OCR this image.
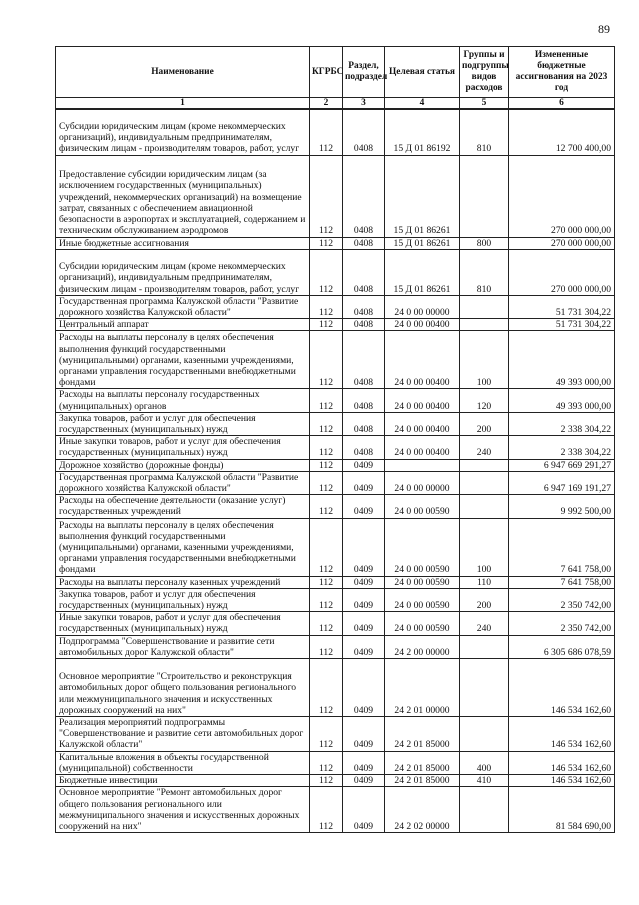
89
Наименование	КГРБС	Раздел, подраздел	Целевая статья	Группы и подгруппы видов расходов	Измененные бюджетные ассигнования на 2023 год
1	2	3	4	5	6
Субсидии юридическим лицам (кроме некоммерческих организаций), индивидуальным предпринимателям, физическим лицам - производителям товаров, работ, услуг	112	0408	15 Д 01 86192	810	12 700 400,00
Предоставление субсидии юридическим лицам (за исключением государственных (муниципальных) учреждений, некоммерческих организаций) на возмещение затрат, связанных с обеспечением авиационной безопасности в аэропортах и эксплуатацией, содержанием и техническим обслуживанием аэродромов	112	0408	15 Д 01 86261		270 000 000,00
Иные бюджетные ассигнования	112	0408	15 Д 01 86261	800	270 000 000,00
Субсидии юридическим лицам (кроме некоммерческих организаций), индивидуальным предпринимателям, физическим лицам - производителям товаров, работ, услуг	112	0408	15 Д 01 86261	810	270 000 000,00
Государственная программа Калужской области "Развитие дорожного хозяйства Калужской области"	112	0408	24 0 00 00000		51 731 304,22
Центральный аппарат	112	0408	24 0 00 00400		51 731 304,22
Расходы на выплаты персоналу в целях обеспечения выполнения функций государственными (муниципальными) органами, казенными учреждениями, органами управления государственными внебюджетными фондами	112	0408	24 0 00 00400	100	49 393 000,00
Расходы на выплаты персоналу государственных (муниципальных) органов	112	0408	24 0 00 00400	120	49 393 000,00
Закупка товаров, работ и услуг для обеспечения государственных (муниципальных) нужд	112	0408	24 0 00 00400	200	2 338 304,22
Иные закупки товаров, работ и услуг для обеспечения государственных (муниципальных) нужд	112	0408	24 0 00 00400	240	2 338 304,22
Дорожное хозяйство (дорожные фонды)	112	0409			6 947 669 291,27
Государственная программа Калужской области "Развитие дорожного хозяйства Калужской области"	112	0409	24 0 00 00000		6 947 169 191,27
Расходы на обеспечение деятельности (оказание услуг) государственных учреждений	112	0409	24 0 00 00590		9 992 500,00
Расходы на выплаты персоналу в целях обеспечения выполнения функций государственными (муниципальными) органами, казенными учреждениями, органами управления государственными внебюджетными фондами	112	0409	24 0 00 00590	100	7 641 758,00
Расходы на выплаты персоналу казенных учреждений	112	0409	24 0 00 00590	110	7 641 758,00
Закупка товаров, работ и услуг для обеспечения государственных (муниципальных) нужд	112	0409	24 0 00 00590	200	2 350 742,00
Иные закупки товаров, работ и услуг для обеспечения государственных (муниципальных) нужд	112	0409	24 0 00 00590	240	2 350 742,00
Подпрограмма "Совершенствование и развитие сети автомобильных дорог Калужской области"	112	0409	24 2 00 00000		6 305 686 078,59
Основное мероприятие "Строительство и реконструкция автомобильных дорог общего пользования регионального или межмуниципального значения и искусственных дорожных сооружений на них"	112	0409	24 2 01 00000		146 534 162,60
Реализация мероприятий подпрограммы "Совершенствование и развитие сети автомобильных дорог Калужской области"	112	0409	24 2 01 85000		146 534 162,60
Капитальные вложения в объекты государственной (муниципальной) собственности	112	0409	24 2 01 85000	400	146 534 162,60
Бюджетные инвестиции	112	0409	24 2 01 85000	410	146 534 162,60
Основное мероприятие "Ремонт автомобильных дорог общего пользования регионального или межмуниципального значения и искусственных дорожных сооружений на них"	112	0409	24 2 02 00000		81 584 690,00
